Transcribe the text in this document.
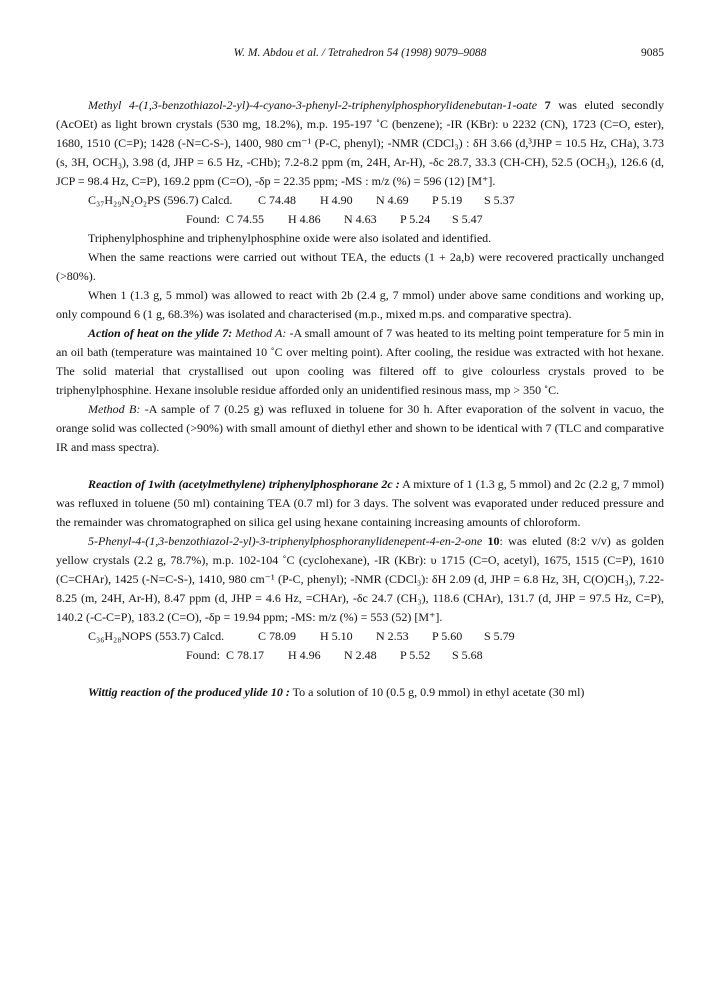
W. M. Abdou et al. / Tetrahedron 54 (1998) 9079–9088	9085

Methyl 4-(1,3-benzothiazol-2-yl)-4-cyano-3-phenyl-2-triphenylphosphorylidenebutan-1-oate 7 was eluted secondly (AcOEt) as light brown crystals (530 mg, 18.2%), m.p. 195-197 ˚C (benzene); -IR (KBr): υ 2232 (CN), 1723 (C=O, ester), 1680, 1510 (C=P); 1428 (-N=C-S-), 1400, 980 cm⁻¹ (P-C, phenyl); -NMR (CDCl₃) : δH 3.66 (d,³JHP = 10.5 Hz, CHa), 3.73 (s, 3H, OCH₃), 3.98 (d, JHP = 6.5 Hz, -CHb); 7.2-8.2 ppm (m, 24H, Ar-H), -δc 28.7, 33.3 (CH-CH), 52.5 (OCH₃), 126.6 (d, JCP = 98.4 Hz, C=P), 169.2 ppm (C=O), -δp = 22.35 ppm; -MS : m/z (%) = 596 (12) [M⁺].

C₃₇H₂₉N₂O₂PS (596.7) Calcd.	C 74.48	H 4.90	N 4.69	P 5.19	S 5.37
Found: C 74.55	H 4.86	N 4.63	P 5.24	S 5.47

Triphenylphosphine and triphenylphosphine oxide were also isolated and identified.

When the same reactions were carried out without TEA, the educts (1 + 2a,b) were recovered practically unchanged (>80%).

When 1 (1.3 g, 5 mmol) was allowed to react with 2b (2.4 g, 7 mmol) under above same conditions and working up, only compound 6 (1 g, 68.3%) was isolated and characterised (m.p., mixed m.ps. and comparative spectra).

Action of heat on the ylide 7: Method A: -A small amount of 7 was heated to its melting point temperature for 5 min in an oil bath (temperature was maintained 10 ˚C over melting point). After cooling, the residue was extracted with hot hexane. The solid material that crystallised out upon cooling was filtered off to give colourless crystals proved to be triphenylphosphine. Hexane insoluble residue afforded only an unidentified resinous mass, mp > 350 ˚C.

Method B: -A sample of 7 (0.25 g) was refluxed in toluene for 30 h. After evaporation of the solvent in vacuo, the orange solid was collected (>90%) with small amount of diethyl ether and shown to be identical with 7 (TLC and comparative IR and mass spectra).

Reaction of 1with (acetylmethylene) triphenylphosphorane 2c : A mixture of 1 (1.3 g, 5 mmol) and 2c (2.2 g, 7 mmol) was refluxed in toluene (50 ml) containing TEA (0.7 ml) for 3 days. The solvent was evaporated under reduced pressure and the remainder was chromatographed on silica gel using hexane containing increasing amounts of chloroform.

5-Phenyl-4-(1,3-benzothiazol-2-yl)-3-triphenylphosphoranylidenepent-4-en-2-one 10: was eluted (8:2 v/v) as golden yellow crystals (2.2 g, 78.7%), m.p. 102-104 ˚C (cyclohexane), -IR (KBr): υ 1715 (C=O, acetyl), 1675, 1515 (C=P), 1610 (C=CHAr), 1425 (-N=C-S-), 1410, 980 cm⁻¹ (P-C, phenyl); -NMR (CDCl₃): δH 2.09 (d, JHP = 6.8 Hz, 3H, C(O)CH₃), 7.22-8.25 (m, 24H, Ar-H), 8.47 ppm (d, JHP = 4.6 Hz, =CHAr), -δc 24.7 (CH₃), 118.6 (CHAr), 131.7 (d, JHP = 97.5 Hz, C=P), 140.2 (-C-C=P), 183.2 (C=O), -δp = 19.94 ppm; -MS: m/z (%) = 553 (52) [M⁺].

C₃₆H₂₈NOPS (553.7) Calcd.	C 78.09	H 5.10	N 2.53	P 5.60	S 5.79
Found: C 78.17	H 4.96	N 2.48	P 5.52	S 5.68

Wittig reaction of the produced ylide 10 : To a solution of 10 (0.5 g, 0.9 mmol) in ethyl acetate (30 ml)
